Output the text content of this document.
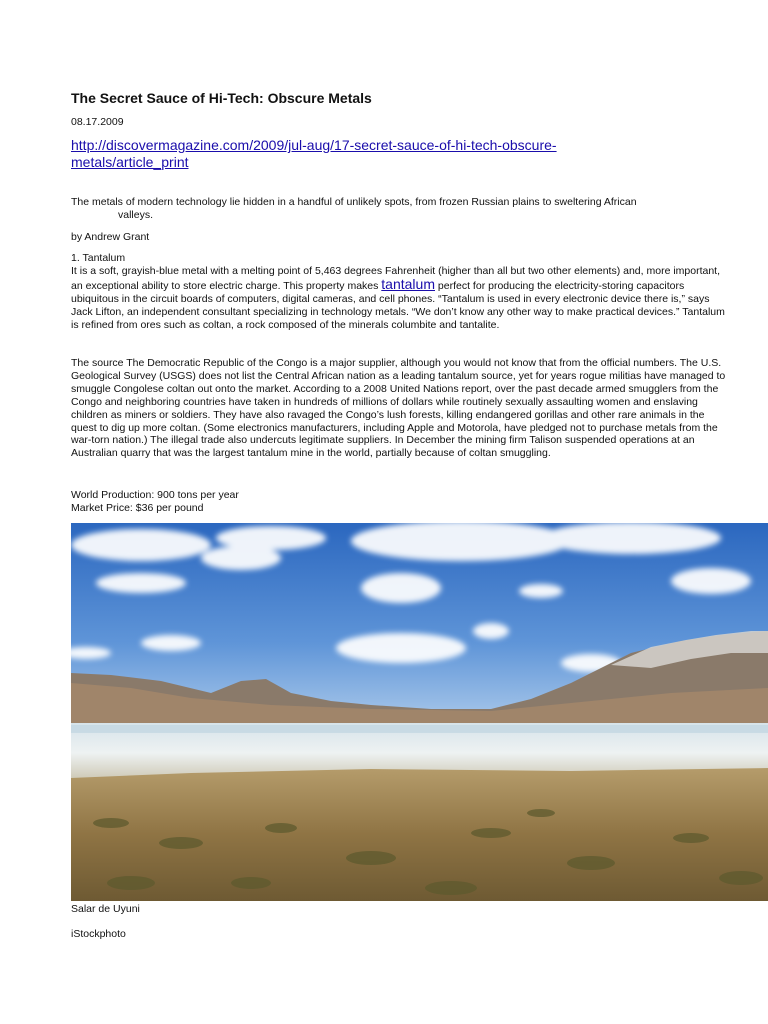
The Secret Sauce of Hi-Tech: Obscure Metals
08.17.2009
http://discovermagazine.com/2009/jul-aug/17-secret-sauce-of-hi-tech-obscure-
metals/article_print
The metals of modern technology lie hidden in a handful of unlikely spots, from frozen Russian plains to sweltering African
valleys.
by Andrew Grant
1. Tantalum
It is a soft, grayish-blue metal with a melting point of 5,463 degrees Fahrenheit (higher than all but two other elements) and, more important, an exceptional ability to store electric charge. This property makes tantalum perfect for producing the electricity-storing capacitors ubiquitous in the circuit boards of computers, digital cameras, and cell phones. “Tantalum is used in every electronic device there is,” says Jack Lifton, an independent consultant specializing in technology metals. “We don’t know any other way to make practical devices.” Tantalum is refined from ores such as coltan, a rock composed of the minerals columbite and tantalite.
The source The Democratic Republic of the Congo is a major supplier, although you would not know that from the official numbers. The U.S. Geological Survey (USGS) does not list the Central African nation as a leading tantalum source, yet for years rogue militias have managed to smuggle Congolese coltan out onto the market. According to a 2008 United Nations report, over the past decade armed smugglers from the Congo and neighboring countries have taken in hundreds of millions of dollars while routinely sexually assaulting women and enslaving children as miners or soldiers. They have also ravaged the Congo’s lush forests, killing endangered gorillas and other rare animals in the quest to dig up more coltan. (Some electronics manufacturers, including Apple and Motorola, have pledged not to purchase metals from the war-torn nation.) The illegal trade also undercuts legitimate suppliers. In December the mining firm Talison suspended operations at an Australian quarry that was the largest tantalum mine in the world, partially because of coltan smuggling.
World Production: 900 tons per year
Market Price: $36 per pound
Salar de Uyuni
iStockphoto
